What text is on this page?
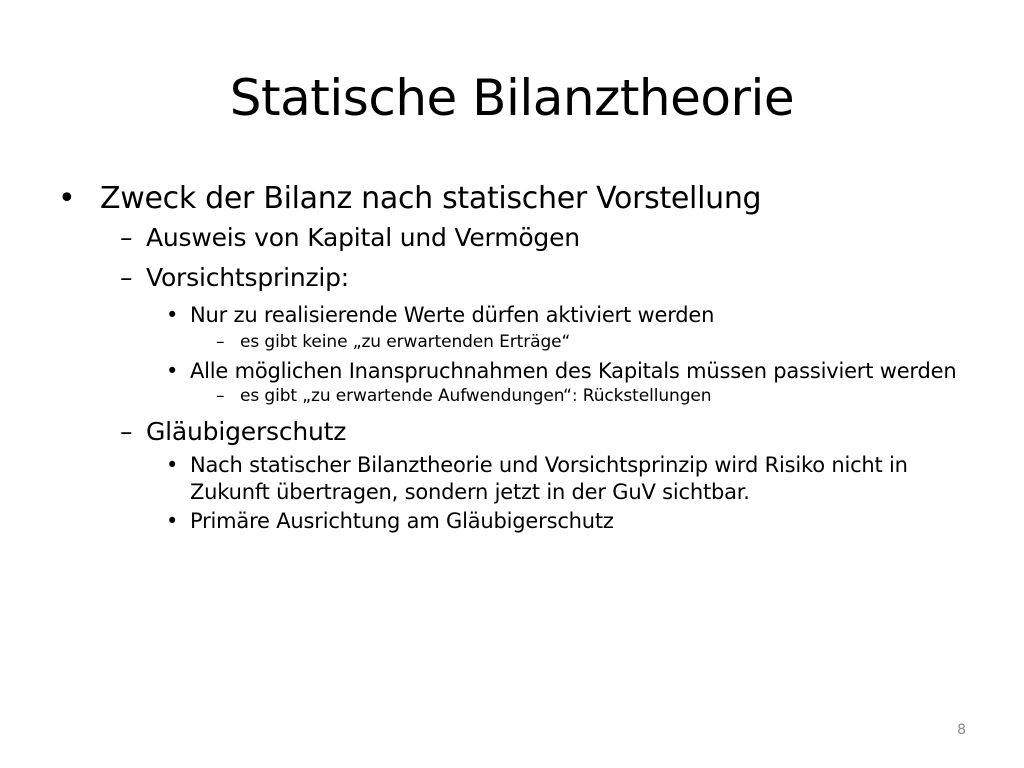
Statische Bilanztheorie
• Zweck der Bilanz nach statischer Vorstellung
– Ausweis von Kapital und Vermögen
– Vorsichtsprinzip:
• Nur zu realisierende Werte dürfen aktiviert werden
– es gibt keine „zu erwartenden Erträge“
• Alle möglichen Inanspruchnahmen des Kapitals müssen passiviert werden
– es gibt „zu erwartende Aufwendungen“: Rückstellungen
– Gläubigerschutz
• Nach statischer Bilanztheorie und Vorsichtsprinzip wird Risiko nicht in Zukunft übertragen, sondern jetzt in der GuV sichtbar.
• Primäre Ausrichtung am Gläubigerschutz
8
